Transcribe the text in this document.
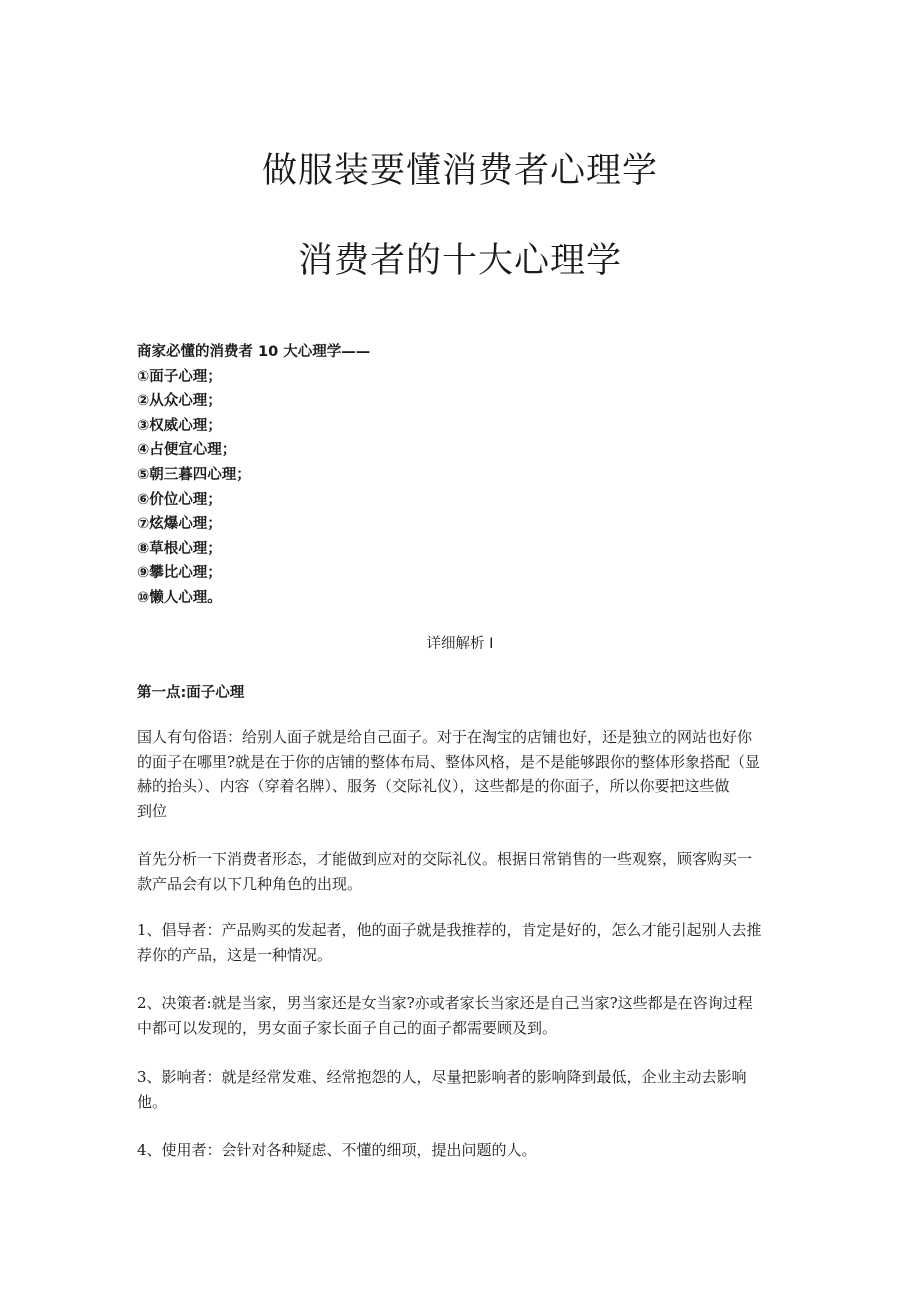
做服装要懂消费者心理学
消费者的十大心理学
商家必懂的消费者 10 大心理学——
①面子心理；
②从众心理；
③权威心理；
④占便宜心理；
⑤朝三暮四心理；
⑥价位心理；
⑦炫爆心理；
⑧草根心理；
⑨攀比心理；
⑩懒人心理。
详细解析 I
第一点:面子心理

国人有句俗语：给别人面子就是给自己面子。对于在淘宝的店铺也好，还是独立的网站也好你
的面子在哪里?就是在于你的店铺的整体布局、整体风格，是不是能够跟你的整体形象搭配（显
赫的抬头）、内容（穿着名牌）、服务（交际礼仪），这些都是的你面子，所以你要把这些做
到位

首先分析一下消费者形态，才能做到应对的交际礼仪。根据日常销售的一些观察，顾客购买一
款产品会有以下几种角色的出现。

1、倡导者：产品购买的发起者，他的面子就是我推荐的，肯定是好的，怎么才能引起别人去推
荐你的产品，这是一种情况。

2、决策者:就是当家，男当家还是女当家?亦或者家长当家还是自己当家?这些都是在咨询过程
中都可以发现的，男女面子家长面子自己的面子都需要顾及到。

3、影响者：就是经常发难、经常抱怨的人，尽量把影响者的影响降到最低，企业主动去影响
他。

4、使用者：会针对各种疑虑、不懂的细项，提出问题的人。
